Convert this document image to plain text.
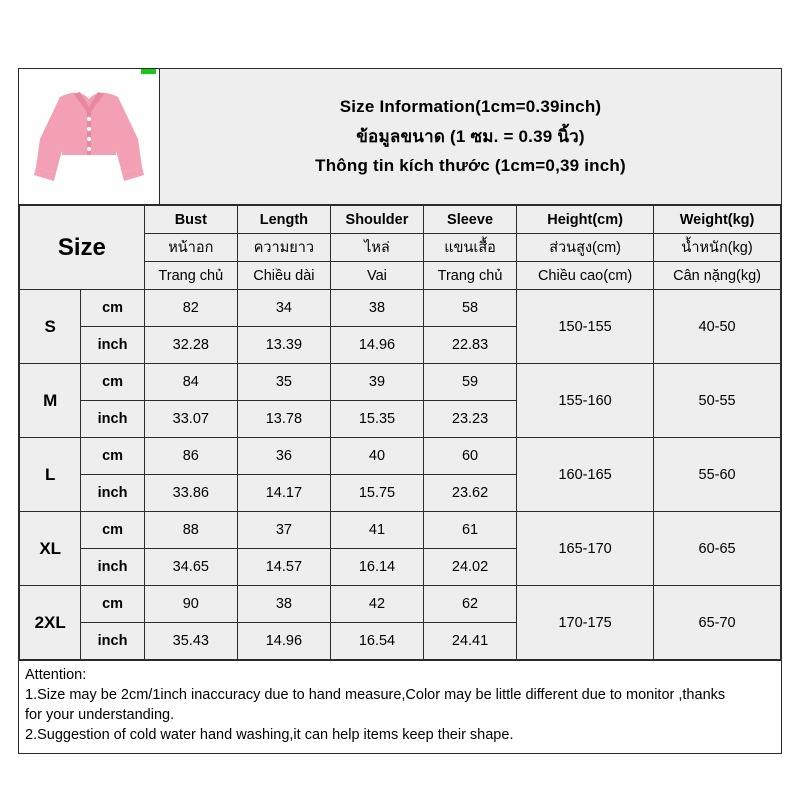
Size Information(1cm=0.39inch)
ข้อมูลขนาด (1 ซม. = 0.39 นิ้ว)
Thông tin kích thước (1cm=0,39 inch)
Size		Bust	Length	Shoulder	Sleeve	Height(cm)	Weight(kg)
		หน้าอก	ความยาว	ไหล่	แขนเสื้อ	ส่วนสูง(cm)	น้ำหนัก(kg)
		Trang chủ	Chiều dài	Vai	Trang chủ	Chiều cao(cm)	Cân nặng(kg)
S	cm	82	34	38	58	150-155	40-50
	inch	32.28	13.39	14.96	22.83		
M	cm	84	35	39	59	155-160	50-55
	inch	33.07	13.78	15.35	23.23		
L	cm	86	36	40	60	160-165	55-60
	inch	33.86	14.17	15.75	23.62		
XL	cm	88	37	41	61	165-170	60-65
	inch	34.65	14.57	16.14	24.02		
2XL	cm	90	38	42	62	170-175	65-70
	inch	35.43	14.96	16.54	24.41		

Attention:

1.Size may be 2cm/1inch inaccuracy due to hand measure,Color may be little different due to monitor ,thanks

for your understanding.

2.Suggestion of cold water hand washing,it can help items keep their shape.
